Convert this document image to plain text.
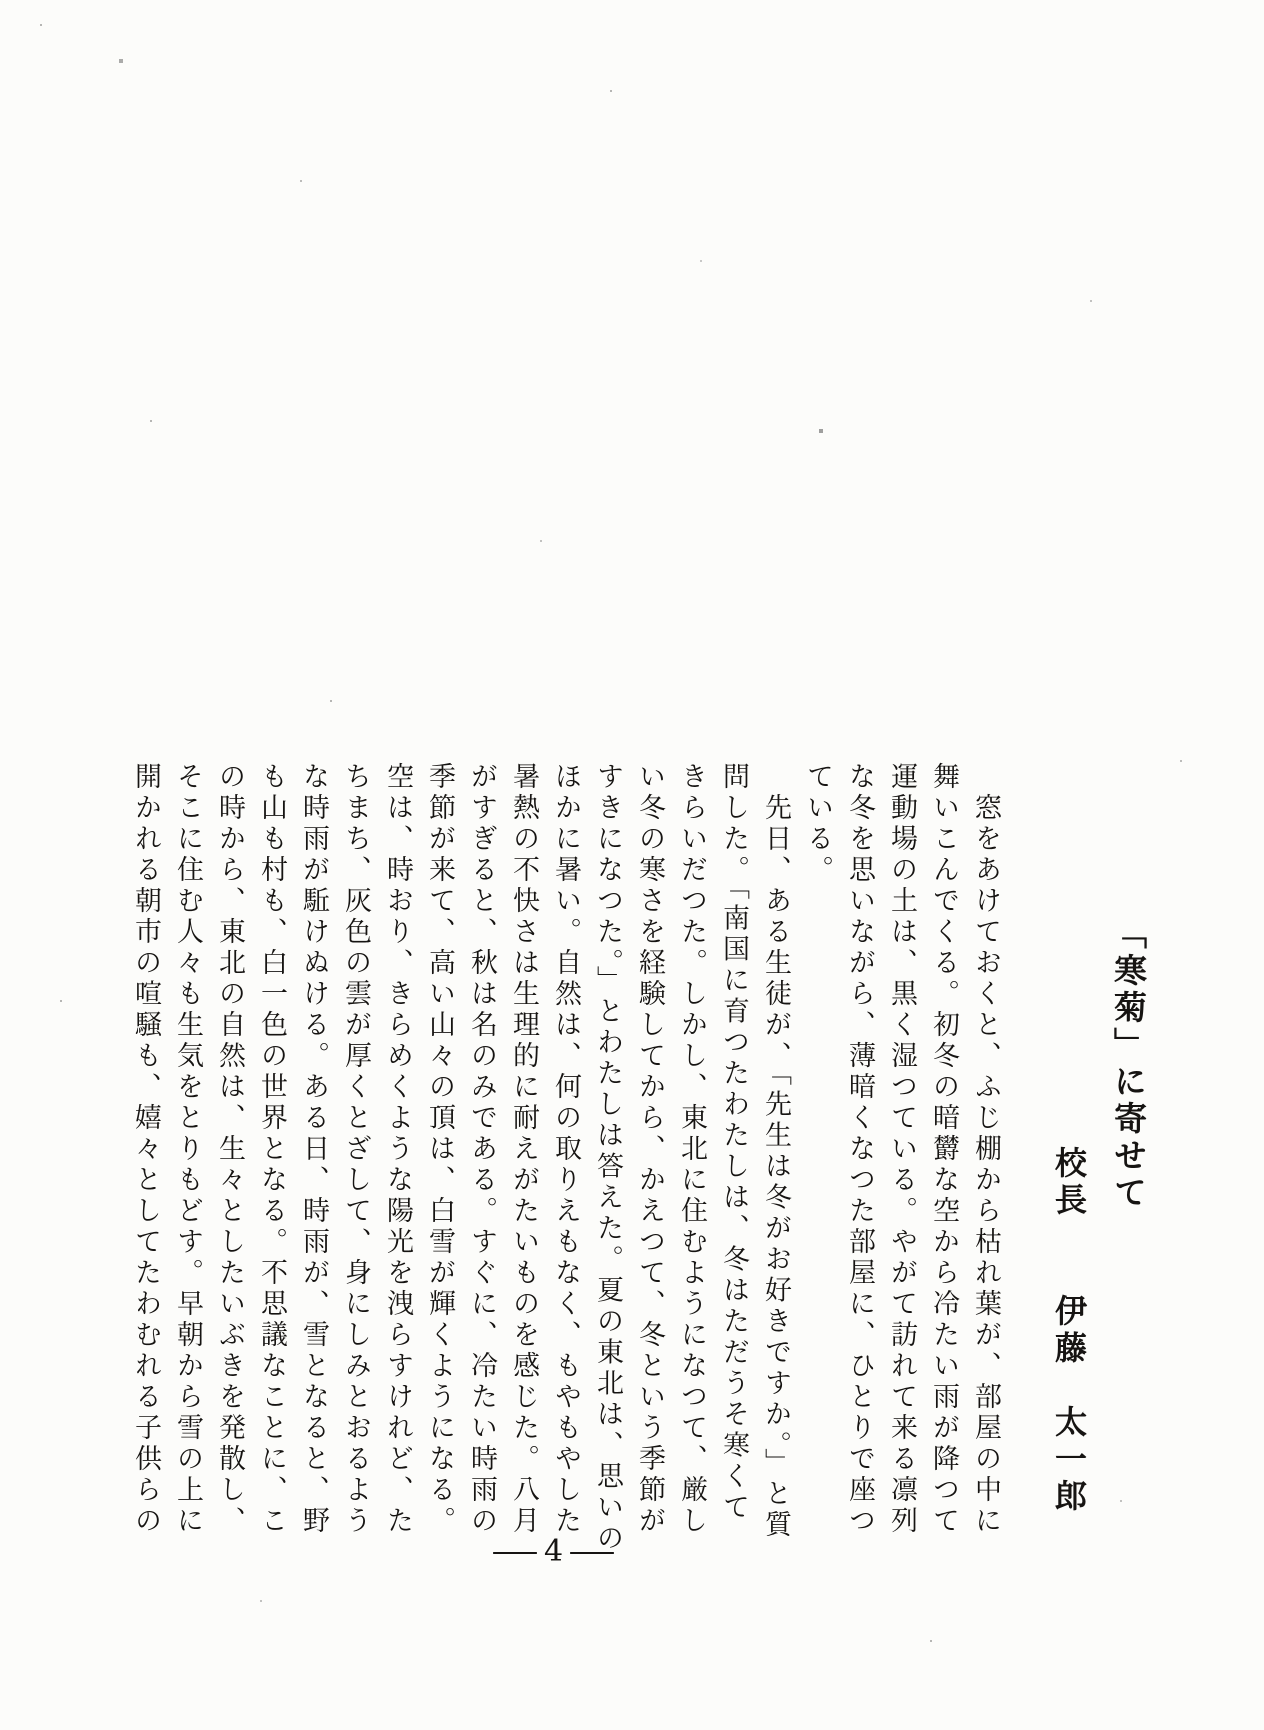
「寒菊」に寄せて
校長　　伊藤　太一郎
　窓をあけておくと、ふじ棚から枯れ葉が、部屋の中に
舞いこんでくる。初冬の暗欝な空から冷たい雨が降つて
運動場の土は、黒く湿つている。やがて訪れて来る凛列
な冬を思いながら、薄暗くなつた部屋に、ひとりで座つ
ている。
　先日、ある生徒が、「先生は冬がお好きですか。」と質
問した。「南国に育つたわたしは、冬はただうそ寒くて
きらいだつた。しかし、東北に住むようになつて、厳し
い冬の寒さを経験してから、かえつて、冬という季節が
すきになつた。」とわたしは答えた。夏の東北は、思いの
ほかに暑い。自然は、何の取りえもなく、もやもやした
暑熱の不快さは生理的に耐えがたいものを感じた。八月
がすぎると、秋は名のみである。すぐに、冷たい時雨の
季節が来て、高い山々の頂は、白雪が輝くようになる。
空は、時おり、きらめくような陽光を洩らすけれど、た
ちまち、灰色の雲が厚くとざして、身にしみとおるよう
な時雨が駈けぬける。ある日、時雨が、雪となると、野
も山も村も、白一色の世界となる。不思議なことに、こ
の時から、東北の自然は、生々としたいぶきを発散し、
そこに住む人々も生気をとりもどす。早朝から雪の上に
開かれる朝市の喧騒も、嬉々としてたわむれる子供らの
— 4 —
